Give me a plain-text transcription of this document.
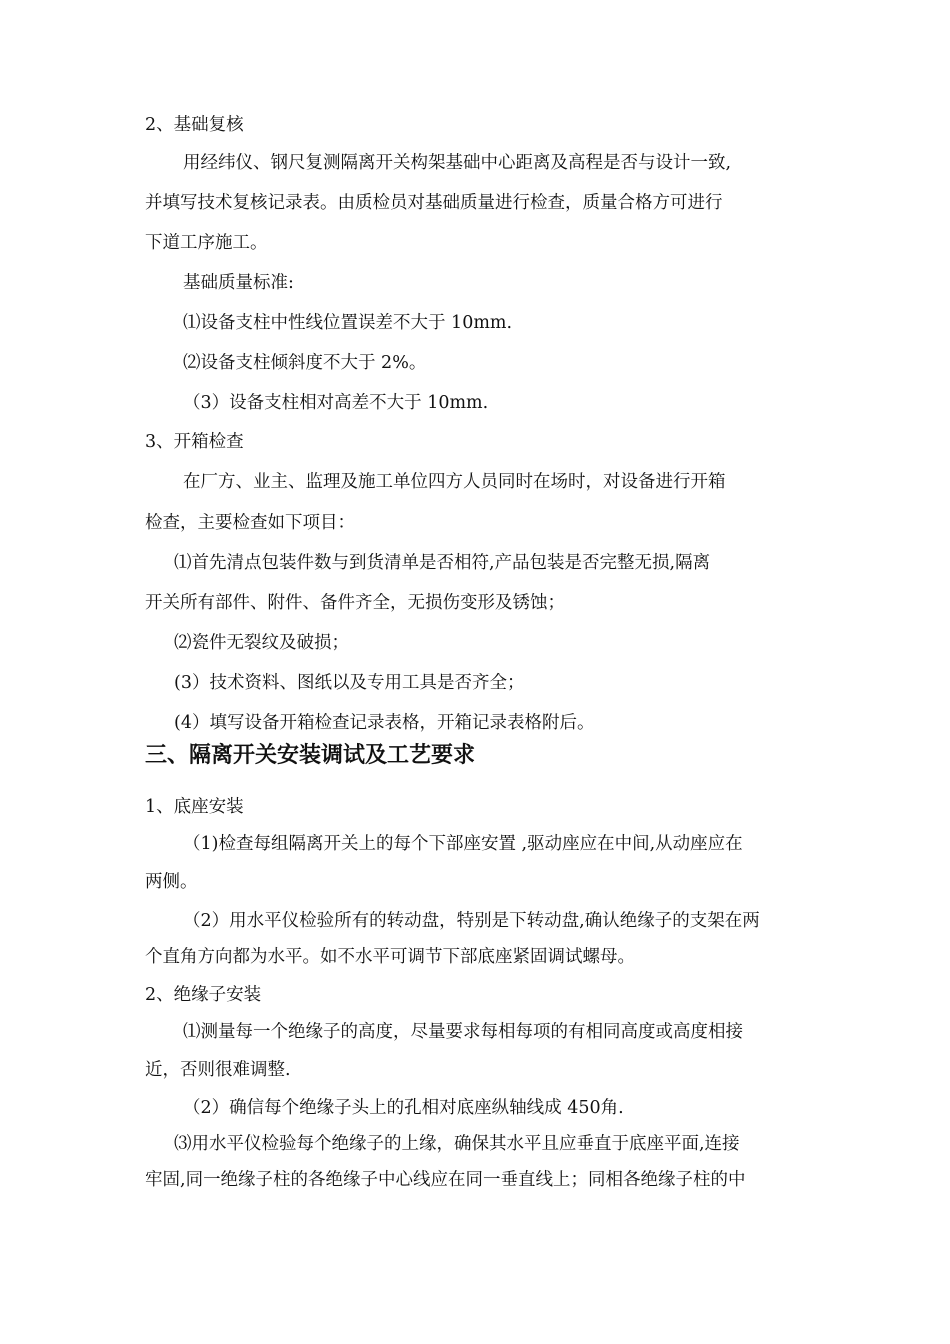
2、基础复核
用经纬仪、钢尺复测隔离开关构架基础中心距离及高程是否与设计一致,
并填写技术复核记录表。由质检员对基础质量进行检查，质量合格方可进行
下道工序施工。
基础质量标准:
⑴设备支柱中性线位置误差不大于 10mm.
⑵设备支柱倾斜度不大于 2%。
（3）设备支柱相对高差不大于 10mm.
3、开箱检查
在厂方、业主、监理及施工单位四方人员同时在场时，对设备进行开箱
检查，主要检查如下项目：
⑴首先清点包装件数与到货清单是否相符,产品包装是否完整无损,隔离
开关所有部件、附件、备件齐全，无损伤变形及锈蚀；
⑵瓷件无裂纹及破损；
(3）技术资料、图纸以及专用工具是否齐全；
(4）填写设备开箱检查记录表格，开箱记录表格附后。
三、隔离开关安装调试及工艺要求
1、底座安装
（1)检查每组隔离开关上的每个下部座安置 ,驱动座应在中间,从动座应在
两侧。
（2）用水平仪检验所有的转动盘，特别是下转动盘,确认绝缘子的支架在两
个直角方向都为水平。如不水平可调节下部底座紧固调试螺母。
2、绝缘子安装
⑴测量每一个绝缘子的高度，尽量要求每相每项的有相同高度或高度相接
近，否则很难调整.
（2）确信每个绝缘子头上的孔相对底座纵轴线成 450角.
⑶用水平仪检验每个绝缘子的上缘，确保其水平且应垂直于底座平面,连接
牢固,同一绝缘子柱的各绝缘子中心线应在同一垂直线上；同相各绝缘子柱的中
